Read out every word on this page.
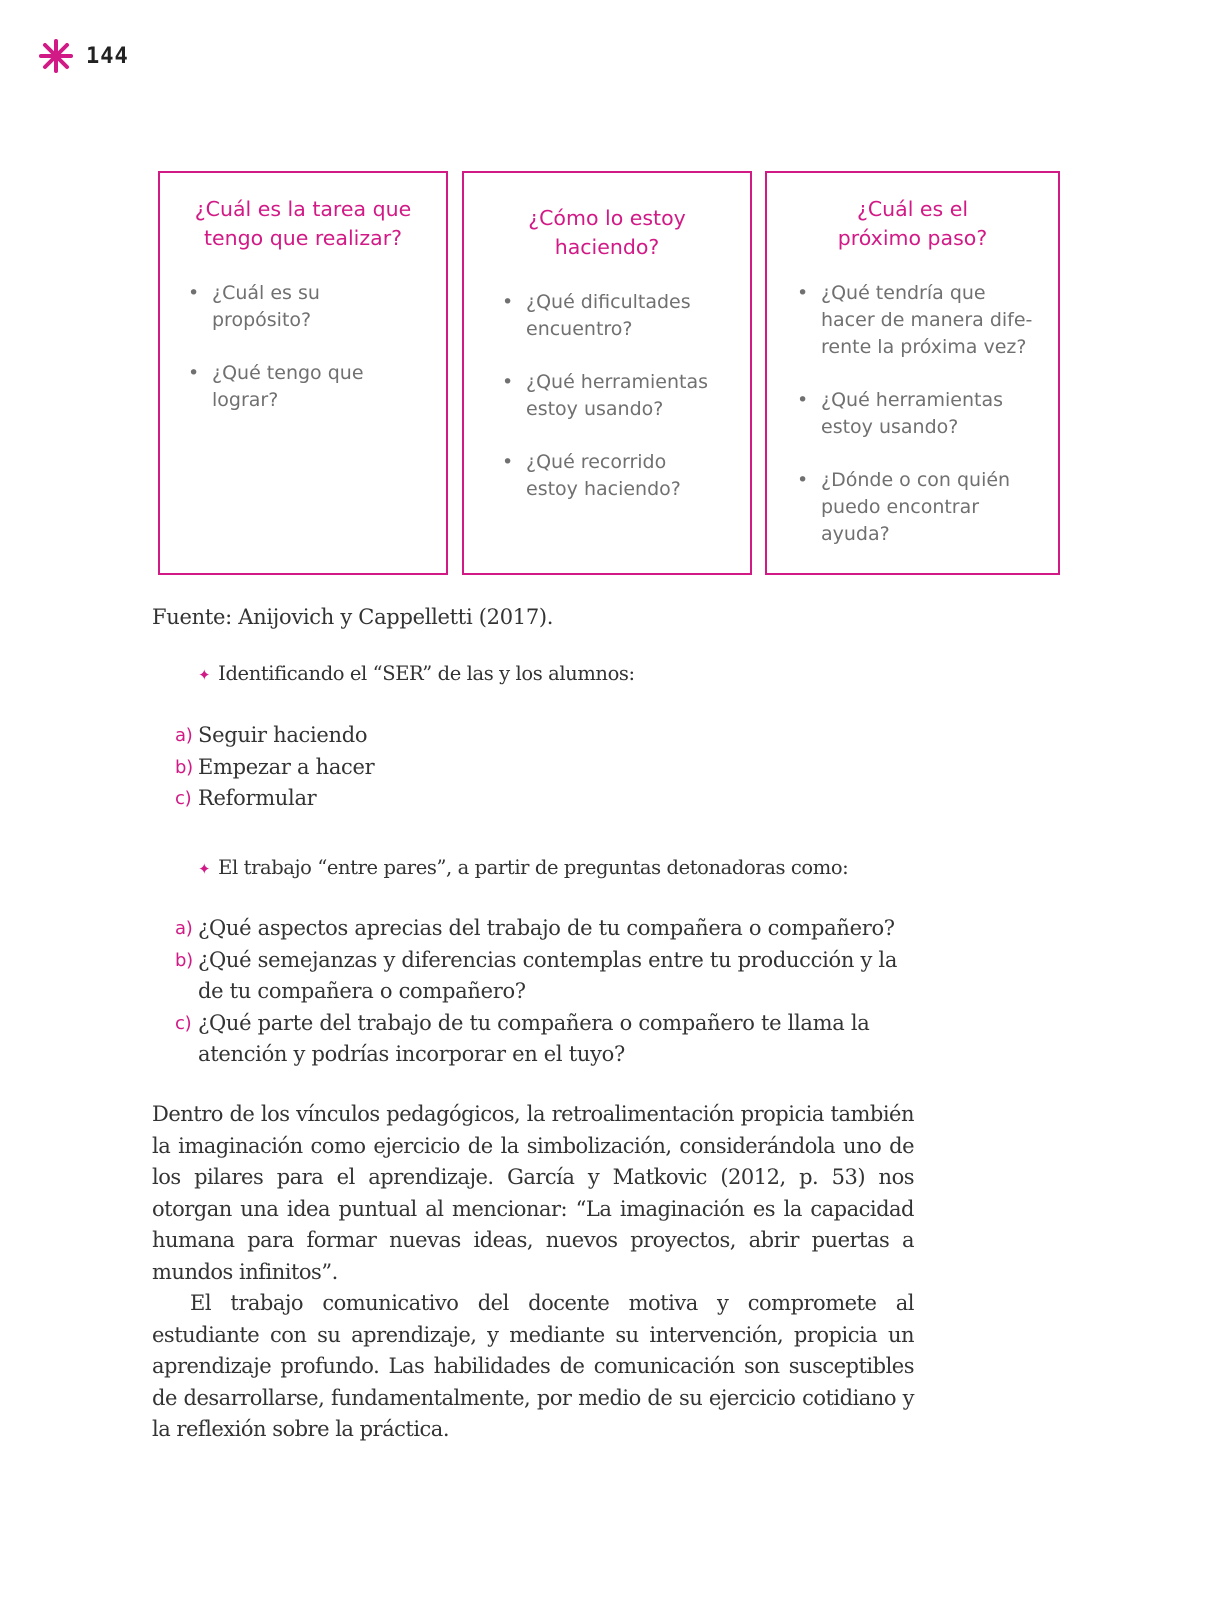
144
¿Cuál es la tarea que
tengo que realizar?
• ¿Cuál es su
propósito?
• ¿Qué tengo que
lograr?
¿Cómo lo estoy
haciendo?
• ¿Qué dificultades
encuentro?
• ¿Qué herramientas
estoy usando?
• ¿Qué recorrido
estoy haciendo?
¿Cuál es el
próximo paso?
• ¿Qué tendría que
hacer de manera dife-
rente la próxima vez?
• ¿Qué herramientas
estoy usando?
• ¿Dónde o con quién
puedo encontrar
ayuda?
Fuente: Anijovich y Cappelletti (2017).
✦ Identificando el “SER” de las y los alumnos:
a) Seguir haciendo
b) Empezar a hacer
c) Reformular
✦ El trabajo “entre pares”, a partir de preguntas detonadoras como:
a) ¿Qué aspectos aprecias del trabajo de tu compañera o compañero?
b) ¿Qué semejanzas y diferencias contemplas entre tu producción y la de tu compañera o compañero?
c) ¿Qué parte del trabajo de tu compañera o compañero te llama la atención y podrías incorporar en el tuyo?

Dentro de los vínculos pedagógicos, la retroalimentación propicia también la imaginación como ejercicio de la simbolización, considerándola uno de los pilares para el aprendizaje. García y Matkovic (2012, p. 53) nos otorgan una idea puntual al mencionar: “La imaginación es la capacidad humana para formar nuevas ideas, nuevos proyectos, abrir puertas a mundos infinitos”.

El trabajo comunicativo del docente motiva y compromete al estudiante con su aprendizaje, y mediante su intervención, propicia un aprendizaje profundo. Las habilidades de comunicación son susceptibles de desarrollarse, fundamentalmente, por medio de su ejercicio cotidiano y la reflexión sobre la práctica.
